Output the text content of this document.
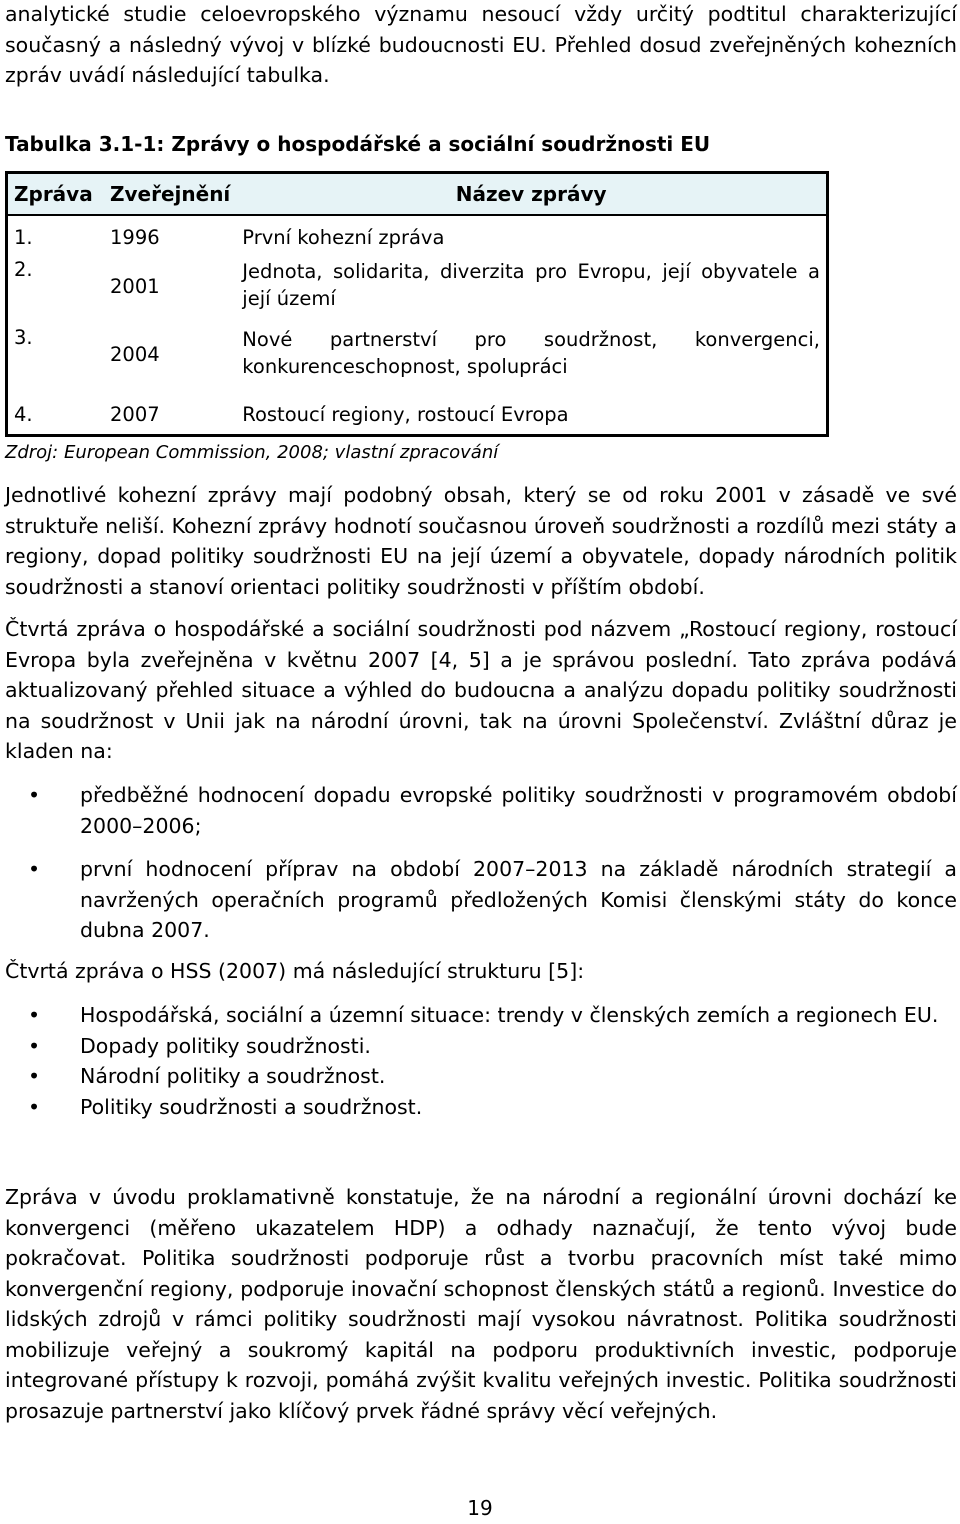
analytické studie celoevropského významu nesoucí vždy určitý podtitul charakterizující současný a následný vývoj v blízké budoucnosti EU. Přehled dosud zveřejněných kohezních zpráv uvádí následující tabulka.

Tabulka 3.1-1: Zprávy o hospodářské a sociální soudržnosti EU
Zpráva	Zveřejnění	Název zprávy
1.	1996	První kohezní zpráva
2.	2001	Jednota, solidarita, diverzita pro Evropu, její obyvatele a její území
3.	2004	Nové partnerství pro soudržnost, konvergenci, konkurenceschopnost, spolupráci
4.	2007	Rostoucí regiony, rostoucí Evropa
Zdroj: European Commission, 2008; vlastní zpracování

Jednotlivé kohezní zprávy mají podobný obsah, který se od roku 2001 v zásadě ve své struktuře neliší. Kohezní zprávy hodnotí současnou úroveň soudržnosti a rozdílů mezi státy a regiony, dopad politiky soudržnosti EU na její území a obyvatele, dopady národních politik soudržnosti a stanoví orientaci politiky soudržnosti v příštím období.

Čtvrtá zpráva o hospodářské a sociální soudržnosti pod názvem „Rostoucí regiony, rostoucí Evropa byla zveřejněna v květnu 2007 [4, 5] a je správou poslední. Tato zpráva podává aktualizovaný přehled situace a výhled do budoucna a analýzu dopadu politiky soudržnosti na soudržnost v Unii jak na národní úrovni, tak na úrovni Společenství. Zvláštní důraz je kladen na:

• předběžné hodnocení dopadu evropské politiky soudržnosti v programovém období 2000–2006;
• první hodnocení příprav na období 2007–2013 na základě národních strategií a navržených operačních programů předložených Komisi členskými státy do konce dubna 2007.

Čtvrtá zpráva o HSS (2007) má následující strukturu [5]:

• Hospodářská, sociální a územní situace: trendy v členských zemích a regionech EU.
• Dopady politiky soudržnosti.
• Národní politiky a soudržnost.
• Politiky soudržnosti a soudržnost.

Zpráva v úvodu proklamativně konstatuje, že na národní a regionální úrovni dochází ke konvergenci (měřeno ukazatelem HDP) a odhady naznačují, že tento vývoj bude pokračovat. Politika soudržnosti podporuje růst a tvorbu pracovních míst také mimo konvergenční regiony, podporuje inovační schopnost členských států a regionů. Investice do lidských zdrojů v rámci politiky soudržnosti mají vysokou návratnost. Politika soudržnosti mobilizuje veřejný a soukromý kapitál na podporu produktivních investic, podporuje integrované přístupy k rozvoji, pomáhá zvýšit kvalitu veřejných investic. Politika soudržnosti prosazuje partnerství jako klíčový prvek řádné správy věcí veřejných.

19
